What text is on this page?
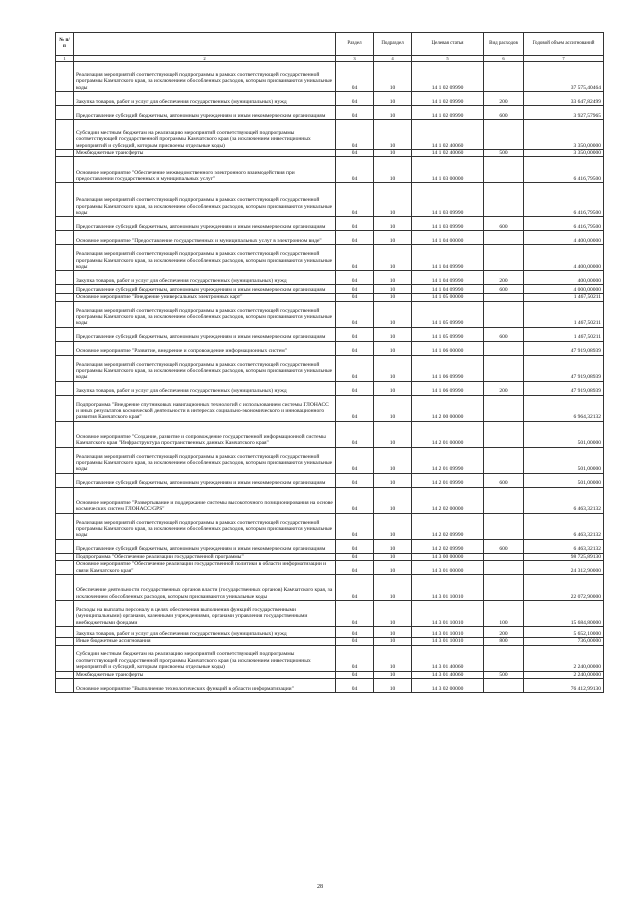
№ п/п		Раздел	Подраздел	Целевая статья	Вид расходов	Годовой объем ассигнований
1	2	3	4	5	6	7
	Реализация мероприятий соответствующей подпрограммы в рамках соответствующей государственной программы Камчатского края, за исключением обособленных расходов, которым присваиваются уникальные коды	04	10	14 1 02 09990		37 575,40464
	Закупка товаров, работ и услуг для обеспечения государственных (муниципальных) нужд	04	10	14 1 02 09990	200	33 647,82499
	Предоставление субсидий бюджетным, автономным учреждениям и иным некоммерческим организациям	04	10	14 1 02 09990	600	3 927,57965
	Субсидии местным бюджетам на реализацию мероприятий соответствующей подпрограммы соответствующей государственной программы Камчатского края (за исключением инвестиционных мероприятий и субсидий, которым присвоены отдельные коды)	04	10	14 1 02 40060		3 350,00000
	Межбюджетные трансферты	04	10	14 1 02 40060	500	3 350,00000
	Основное мероприятие "Обеспечение межведомственного электронного взаимодействия при предоставлении государственных и муниципальных услуг"	04	10	14 1 03 00000		6 416,79500
	Реализация мероприятий соответствующей подпрограммы в рамках соответствующей государственной программы Камчатского края, за исключением обособленных расходов, которым присваиваются уникальные коды	04	10	14 1 03 09990		6 416,79500
	Предоставление субсидий бюджетным, автономным учреждениям и иным некоммерческим организациям	04	10	14 1 03 09990	600	6 416,79500
	Основное мероприятие "Предоставление государственных и муниципальных услуг в электронном виде"	04	10	14 1 04 00000		4 400,00000
	Реализация мероприятий соответствующей подпрограммы в рамках соответствующей государственной программы Камчатского края, за исключением обособленных расходов, которым присваиваются уникальные коды	04	10	14 1 04 09990		4 400,00000
	Закупка товаров, работ и услуг для обеспечения государственных (муниципальных) нужд	04	10	14 1 04 09990	200	400,00000
	Предоставление субсидий бюджетным, автономным учреждениям и иным некоммерческим организациям	04	10	14 1 04 09990	600	4 000,00000
	Основное мероприятие "Внедрение универсальных электронных карт"	04	10	14 1 05 00000		1 467,50211
	Реализация мероприятий соответствующей подпрограммы в рамках соответствующей государственной программы Камчатского края, за исключением обособленных расходов, которым присваиваются уникальные коды	04	10	14 1 05 09990		1 467,50211
	Предоставление субсидий бюджетным, автономным учреждениям и иным некоммерческим организациям	04	10	14 1 05 09990	600	1 467,50211
	Основное мероприятие "Развитие, внедрение и сопровождение информационных систем"	04	10	14 1 06 00000		47 919,08939
	Реализация мероприятий соответствующей подпрограммы в рамках соответствующей государственной программы Камчатского края, за исключением обособленных расходов, которым присваиваются уникальные коды	04	10	14 1 06 09990		47 919,08939
	Закупка товаров, работ и услуг для обеспечения государственных (муниципальных) нужд	04	10	14 1 06 09990	200	47 919,08939
	Подпрограмма "Внедрение спутниковых навигационных технологий с использованием системы ГЛОНАСС и иных результатов космической деятельности в интересах социально-экономического и инновационного развития Камчатского края"	04	10	14 2 00 00000		6 964,32132
	Основное мероприятие "Создание, развитие и сопровождение государственной информационной системы Камчатского края "Инфраструктура пространственных данных Камчатского края"	04	10	14 2 01 00000		501,00000
	Реализация мероприятий соответствующей подпрограммы в рамках соответствующей государственной программы Камчатского края, за исключением обособленных расходов, которым присваиваются уникальные коды	04	10	14 2 01 09990		501,00000
	Предоставление субсидий бюджетным, автономным учреждениям и иным некоммерческим организациям	04	10	14 2 01 09990	600	501,00000
	Основное мероприятие "Развертывание и поддержание системы высокоточного позиционирования на основе космических систем ГЛОНАСС/GPS"	04	10	14 2 02 00000		6 463,32132
	Реализация мероприятий соответствующей подпрограммы в рамках соответствующей государственной программы Камчатского края, за исключением обособленных расходов, которым присваиваются уникальные коды	04	10	14 2 02 09990		6 463,32132
	Предоставление субсидий бюджетным, автономным учреждениям и иным некоммерческим организациям	04	10	14 2 02 09990	600	6 463,32132
	Подпрограмма "Обеспечение реализации государственной программы"	04	10	14 3 00 00000		98 725,89130
	Основное мероприятие "Обеспечение реализации государственной политики в области информатизации и связи Камчатского края"	04	10	14 3 01 00000		24 312,90000
	Обеспечение деятельности государственных органов власти (государственных органов) Камчатского края, за исключением обособленных расходов, которым присваиваются уникальные коды	04	10	14 3 01 10010		22 072,90000
	Расходы на выплаты персоналу в целях обеспечения выполнения функций государственными (муниципальными) органами, казенными учреждениями, органами управления государственными внебюджетными фондами	04	10	14 3 01 10010	100	15 684,80000
	Закупка товаров, работ и услуг для обеспечения государственных (муниципальных) нужд	04	10	14 3 01 10010	200	5 652,10000
	Иные бюджетные ассигнования	04	10	14 3 01 10010	800	736,00000
	Субсидии местным бюджетам на реализацию мероприятий соответствующей подпрограммы соответствующей государственной программы Камчатского края (за исключением инвестиционных мероприятий и субсидий, которым присвоены отдельные коды)	04	10	14 3 01 40060		2 240,00000
	Межбюджетные трансферты	04	10	14 3 01 40060	500	2 240,00000
	Основное мероприятие "Выполнение технологических функций в области информатизации"	04	10	14 3 02 00000		76 412,99130
28
